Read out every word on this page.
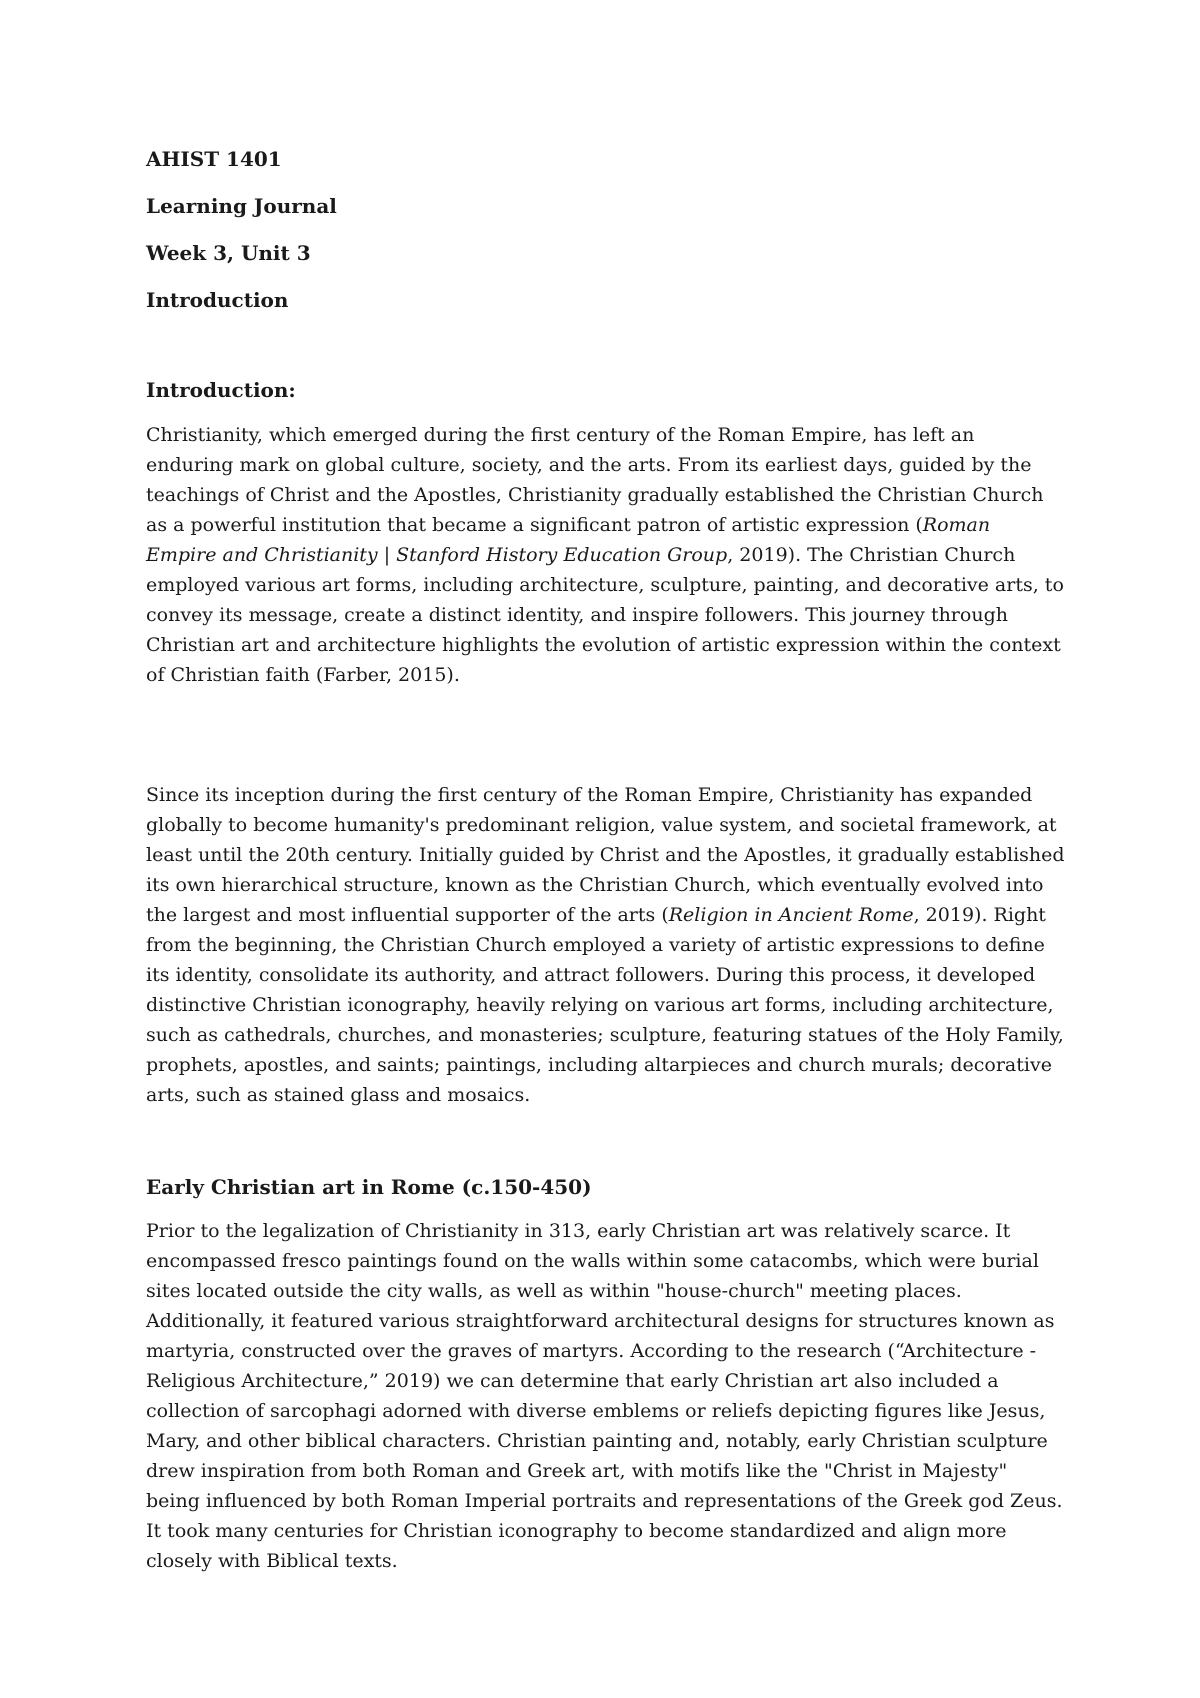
AHIST 1401
Learning Journal
Week 3, Unit 3
Introduction
Introduction:

Christianity, which emerged during the first century of the Roman Empire, has left an enduring mark on global culture, society, and the arts. From its earliest days, guided by the teachings of Christ and the Apostles, Christianity gradually established the Christian Church as a powerful institution that became a significant patron of artistic expression (Roman Empire and Christianity | Stanford History Education Group, 2019). The Christian Church employed various art forms, including architecture, sculpture, painting, and decorative arts, to convey its message, create a distinct identity, and inspire followers. This journey through Christian art and architecture highlights the evolution of artistic expression within the context of Christian faith (Farber, 2015).

Since its inception during the first century of the Roman Empire, Christianity has expanded globally to become humanity's predominant religion, value system, and societal framework, at least until the 20th century. Initially guided by Christ and the Apostles, it gradually established its own hierarchical structure, known as the Christian Church, which eventually evolved into the largest and most influential supporter of the arts (Religion in Ancient Rome, 2019). Right from the beginning, the Christian Church employed a variety of artistic expressions to define its identity, consolidate its authority, and attract followers. During this process, it developed distinctive Christian iconography, heavily relying on various art forms, including architecture, such as cathedrals, churches, and monasteries; sculpture, featuring statues of the Holy Family, prophets, apostles, and saints; paintings, including altarpieces and church murals; decorative arts, such as stained glass and mosaics.

Early Christian art in Rome (c.150-450)

Prior to the legalization of Christianity in 313, early Christian art was relatively scarce. It encompassed fresco paintings found on the walls within some catacombs, which were burial sites located outside the city walls, as well as within "house-church" meeting places. Additionally, it featured various straightforward architectural designs for structures known as martyria, constructed over the graves of martyrs. According to the research (“Architecture - Religious Architecture,” 2019) we can determine that early Christian art also included a collection of sarcophagi adorned with diverse emblems or reliefs depicting figures like Jesus, Mary, and other biblical characters. Christian painting and, notably, early Christian sculpture drew inspiration from both Roman and Greek art, with motifs like the "Christ in Majesty" being influenced by both Roman Imperial portraits and representations of the Greek god Zeus. It took many centuries for Christian iconography to become standardized and align more closely with Biblical texts.
